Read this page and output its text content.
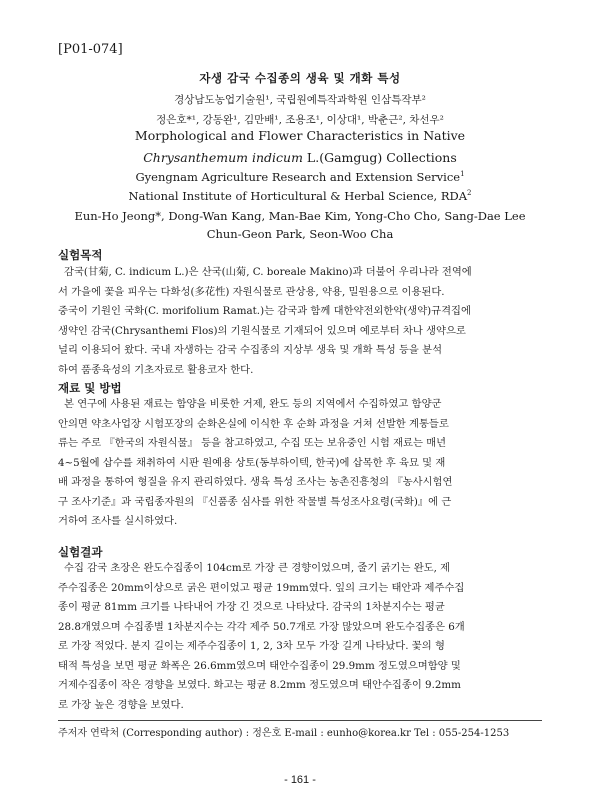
[P01-074]
자생 감국 수집종의 생육 및 개화 특성
경상남도농업기술원¹, 국립원예특작과학원 인삼특작부²
정은호*¹, 강동완¹, 김만배¹, 조용조¹, 이상대¹, 박춘근², 차선우²
Morphological and Flower Characteristics in Native
Chrysanthemum indicum L.(Gamgug) Collections
Gyengnam Agriculture Research and Extension Service$^1$
National Institute of Horticultural & Herbal Science, RDA$^2$
Eun-Ho Jeong*, Dong-Wan Kang, Man-Bae Kim, Yong-Cho Cho, Sang-Dae Lee
Chun-Geon Park, Seon-Woo Cha
실험목적
감국(甘菊, C. indicum L.)은 산국(山菊, C. boreale Makino)과 더불어 우리나라 전역에
서 가을에 꽃을 피우는 다화성(多花性) 자원식물로 관상용, 약용, 밀원용으로 이용된다.
중국이 기원인 국화(C. morifolium Ramat.)는 감국과 함께 대한약전외한약(생약)규격집에
생약인 감국(Chrysanthemi Flos)의 기원식물로 기재되어 있으며 예로부터 차나 생약으로
널리 이용되어 왔다. 국내 자생하는 감국 수집종의 지상부 생육 및 개화 특성 등을 분석
하여 품종육성의 기초자료로 활용코자 한다.
재료 및 방법
본 연구에 사용된 재료는 함양을 비롯한 거제, 완도 등의 지역에서 수집하였고 함양군
안의면 약초사업장 시험포장의 순화온실에 이식한 후 순화 과정을 거쳐 선발한 계통들로
류는 주로 『한국의 자원식물』 등을 참고하였고, 수집 또는 보유중인 시험 재료는 매년
4~5월에 삽수를 채취하여 시판 원예용 상토(동부하이텍, 한국)에 삽목한 후 육묘 및 재
배 과정을 통하여 형질을 유지 관리하였다. 생육 특성 조사는 농촌진흥청의 『농사시험연
구 조사기준』과 국립종자원의 『신품종 심사를 위한 작물별 특성조사요령(국화)』에 근
거하여 조사를 실시하였다.
실험결과
수집 감국 초장은 완도수집종이 104cm로 가장 큰 경향이었으며, 줄기 굵기는 완도, 제
주수집종은 20mm이상으로 굵은 편이었고 평균 19mm였다. 잎의 크기는 태안과 제주수집
종이 평균 81mm 크기를 나타내어 가장 긴 것으로 나타났다. 감국의 1차분지수는 평균
28.8개였으며 수집종별 1차분지수는 각각 제주 50.7개로 가장 많았으며 완도수집종은 6개
로 가장 적었다. 분지 길이는 제주수집종이 1, 2, 3차 모두 가장 길게 나타났다. 꽃의 형
태적 특성을 보면 평균 화폭은 26.6mm였으며 태안수집종이 29.9mm 정도였으며함양 및
거제수집종이 작은 경향을 보였다. 화고는 평균 8.2mm 정도였으며 태안수집종이 9.2mm
로 가장 높은 경향을 보였다.
주저자 연락처 (Corresponding author) : 정은호 E-mail : eunho@korea.kr Tel : 055-254-1253
- 161 -
